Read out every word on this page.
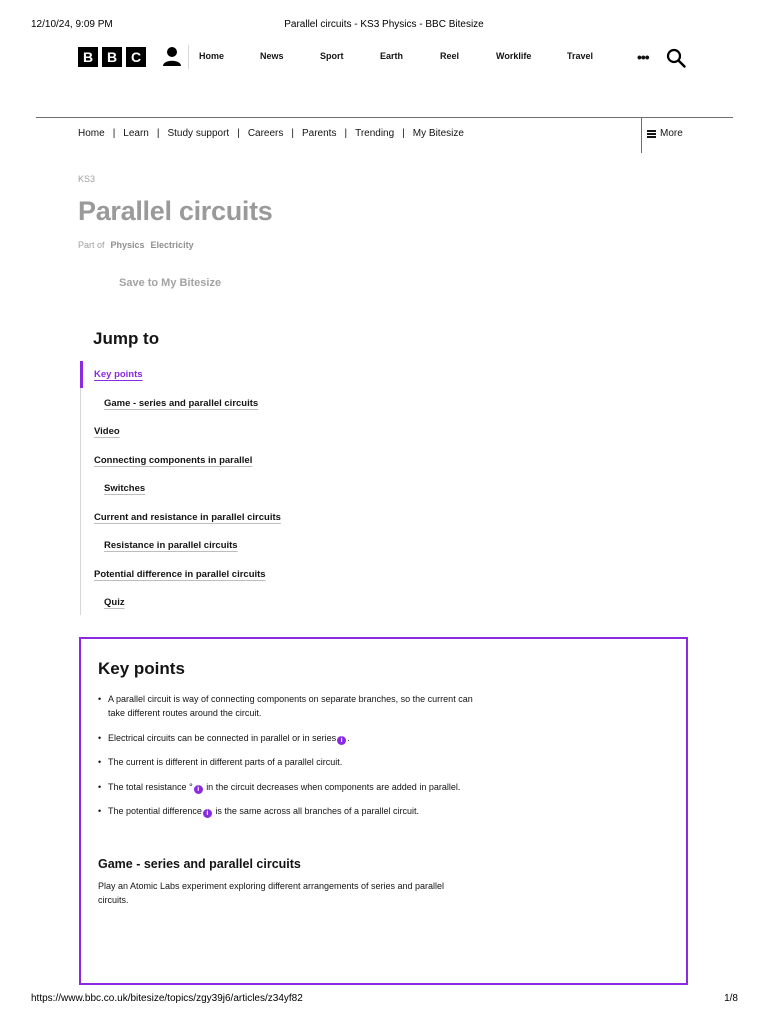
12/10/24, 9:09 PM	Parallel circuits - KS3 Physics - BBC Bitesize
https://www.bbc.co.uk/bitesize/topics/zgy39j6/articles/z34yf82	1/8
B B C	Home	News	Sport	Earth	Reel	Worklife	Travel	•••
Home | Learn | Study support | Careers | Parents | Trending | My Bitesize	More
KS3
Parallel circuits
Part of Physics Electricity
Save to My Bitesize
Jump to
Key points
Game - series and parallel circuits
Video
Connecting components in parallel
Switches
Current and resistance in parallel circuits
Resistance in parallel circuits
Potential difference in parallel circuits
Quiz
Key points
• A parallel circuit is way of connecting components on separate branches, so the current can take different routes around the circuit.
• Electrical circuits can be connected in parallel or in series i .
• The current is different in different parts of a parallel circuit.
• The total resistance ° i in the circuit decreases when components are added in parallel.
• The potential difference i is the same across all branches of a parallel circuit.
Game - series and parallel circuits
Play an Atomic Labs experiment exploring different arrangements of series and parallel circuits.
